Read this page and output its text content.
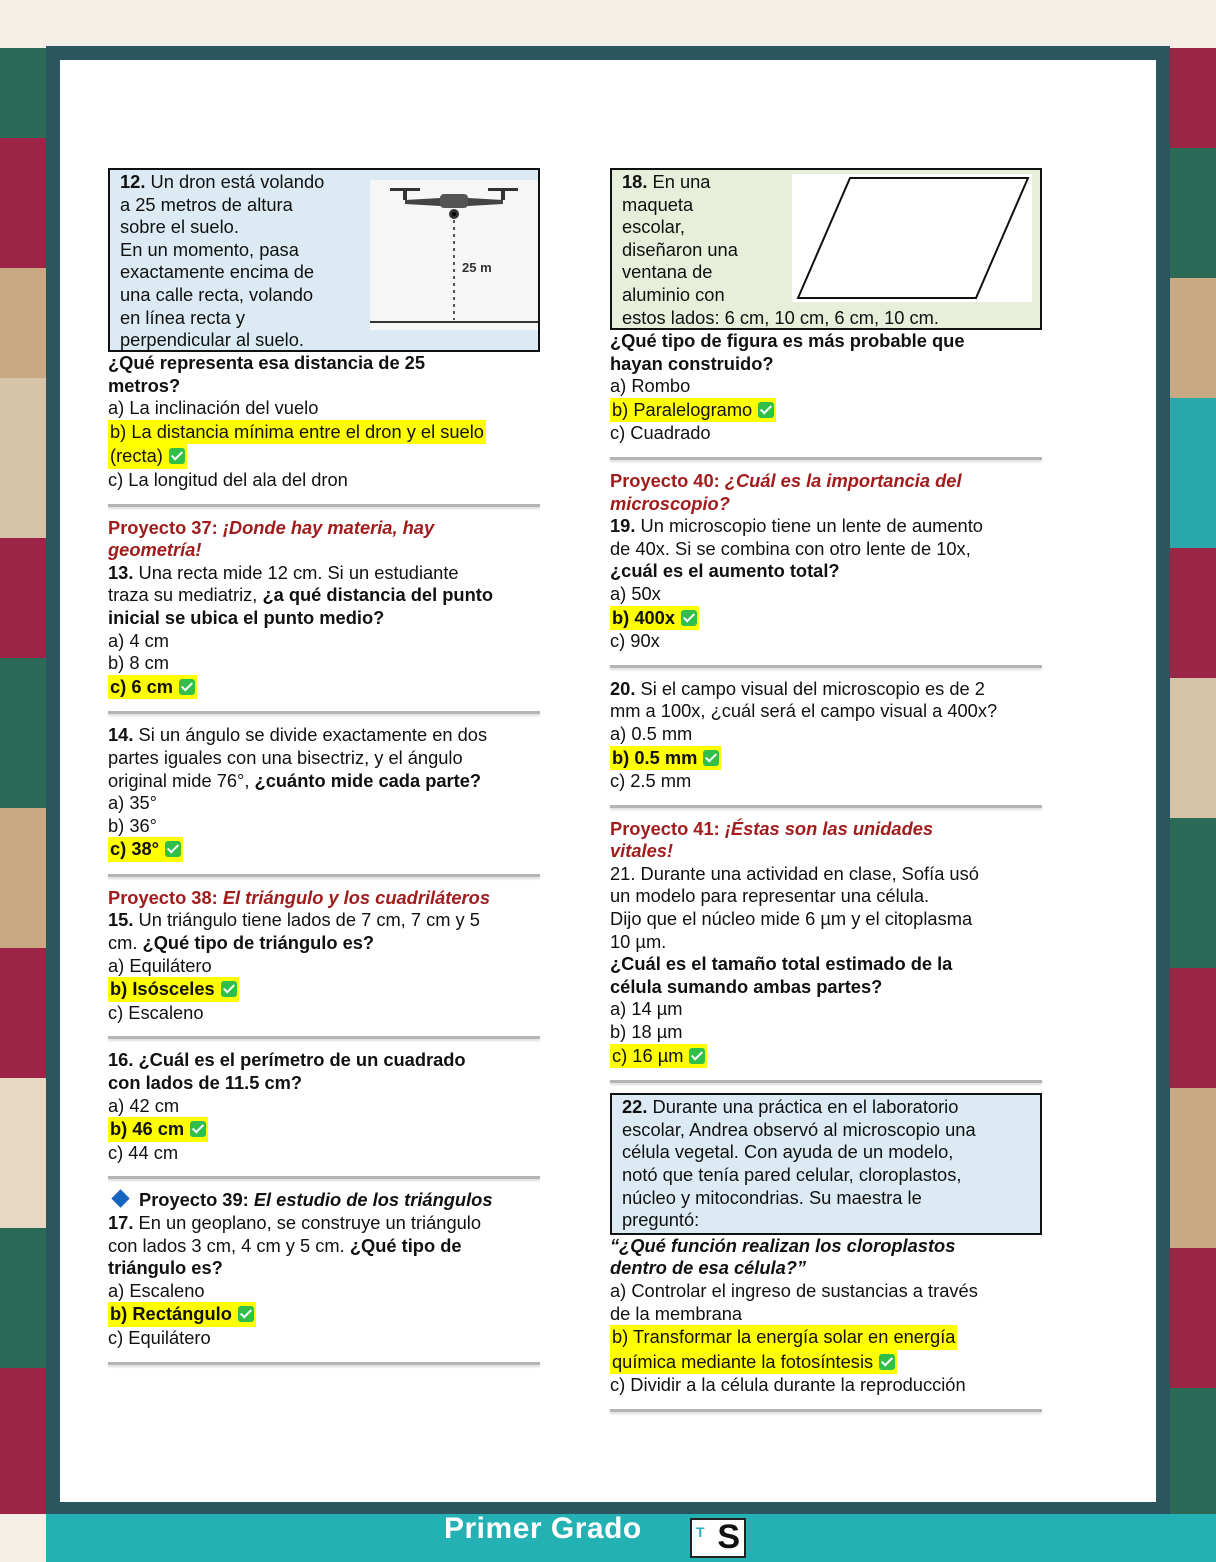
12. Un dron está volando
a 25 metros de altura
sobre el suelo.
En un momento, pasa
exactamente encima de
una calle recta, volando
en línea recta y
perpendicular al suelo.
25 m
¿Qué representa esa distancia de 25
metros?
a) La inclinación del vuelo
b) La distancia mínima entre el dron y el suelo
(recta)
c) La longitud del ala del dron
Proyecto 37: ¡Donde hay materia, hay
geometría!
13. Una recta mide 12 cm. Si un estudiante
traza su mediatriz, ¿a qué distancia del punto
inicial se ubica el punto medio?
a) 4 cm
b) 8 cm
c) 6 cm
14. Si un ángulo se divide exactamente en dos
partes iguales con una bisectriz, y el ángulo
original mide 76°, ¿cuánto mide cada parte?
a) 35°
b) 36°
c) 38°
Proyecto 38: El triángulo y los cuadriláteros
15. Un triángulo tiene lados de 7 cm, 7 cm y 5
cm. ¿Qué tipo de triángulo es?
a) Equilátero
b) Isósceles
c) Escaleno
16. ¿Cuál es el perímetro de un cuadrado
con lados de 11.5 cm?
a) 42 cm
b) 46 cm
c) 44 cm
Proyecto 39: El estudio de los triángulos
17. En un geoplano, se construye un triángulo
con lados 3 cm, 4 cm y 5 cm. ¿Qué tipo de
triángulo es?
a) Escaleno
b) Rectángulo
c) Equilátero
18. En una
maqueta
escolar,
diseñaron una
ventana de
aluminio con
estos lados: 6 cm, 10 cm, 6 cm, 10 cm.
¿Qué tipo de figura es más probable que
hayan construido?
a) Rombo
b) Paralelogramo
c) Cuadrado
Proyecto 40: ¿Cuál es la importancia del
microscopio?
19. Un microscopio tiene un lente de aumento
de 40x. Si se combina con otro lente de 10x,
¿cuál es el aumento total?
a) 50x
b) 400x
c) 90x
20. Si el campo visual del microscopio es de 2
mm a 100x, ¿cuál será el campo visual a 400x?
a) 0.5 mm
b) 0.5 mm
c) 2.5 mm
Proyecto 41: ¡Éstas son las unidades
vitales!
21. Durante una actividad en clase, Sofía usó
un modelo para representar una célula.
Dijo que el núcleo mide 6 µm y el citoplasma
10 µm.
¿Cuál es el tamaño total estimado de la
célula sumando ambas partes?
a) 14 µm
b) 18 µm
c) 16 µm
22. Durante una práctica en el laboratorio
escolar, Andrea observó al microscopio una
célula vegetal. Con ayuda de un modelo,
notó que tenía pared celular, cloroplastos,
núcleo y mitocondrias. Su maestra le
preguntó:
“¿Qué función realizan los cloroplastos
dentro de esa célula?”
a) Controlar el ingreso de sustancias a través
de la membrana
b) Transformar la energía solar en energía
química mediante la fotosíntesis
c) Dividir a la célula durante la reproducción
Primer Grado	T S
